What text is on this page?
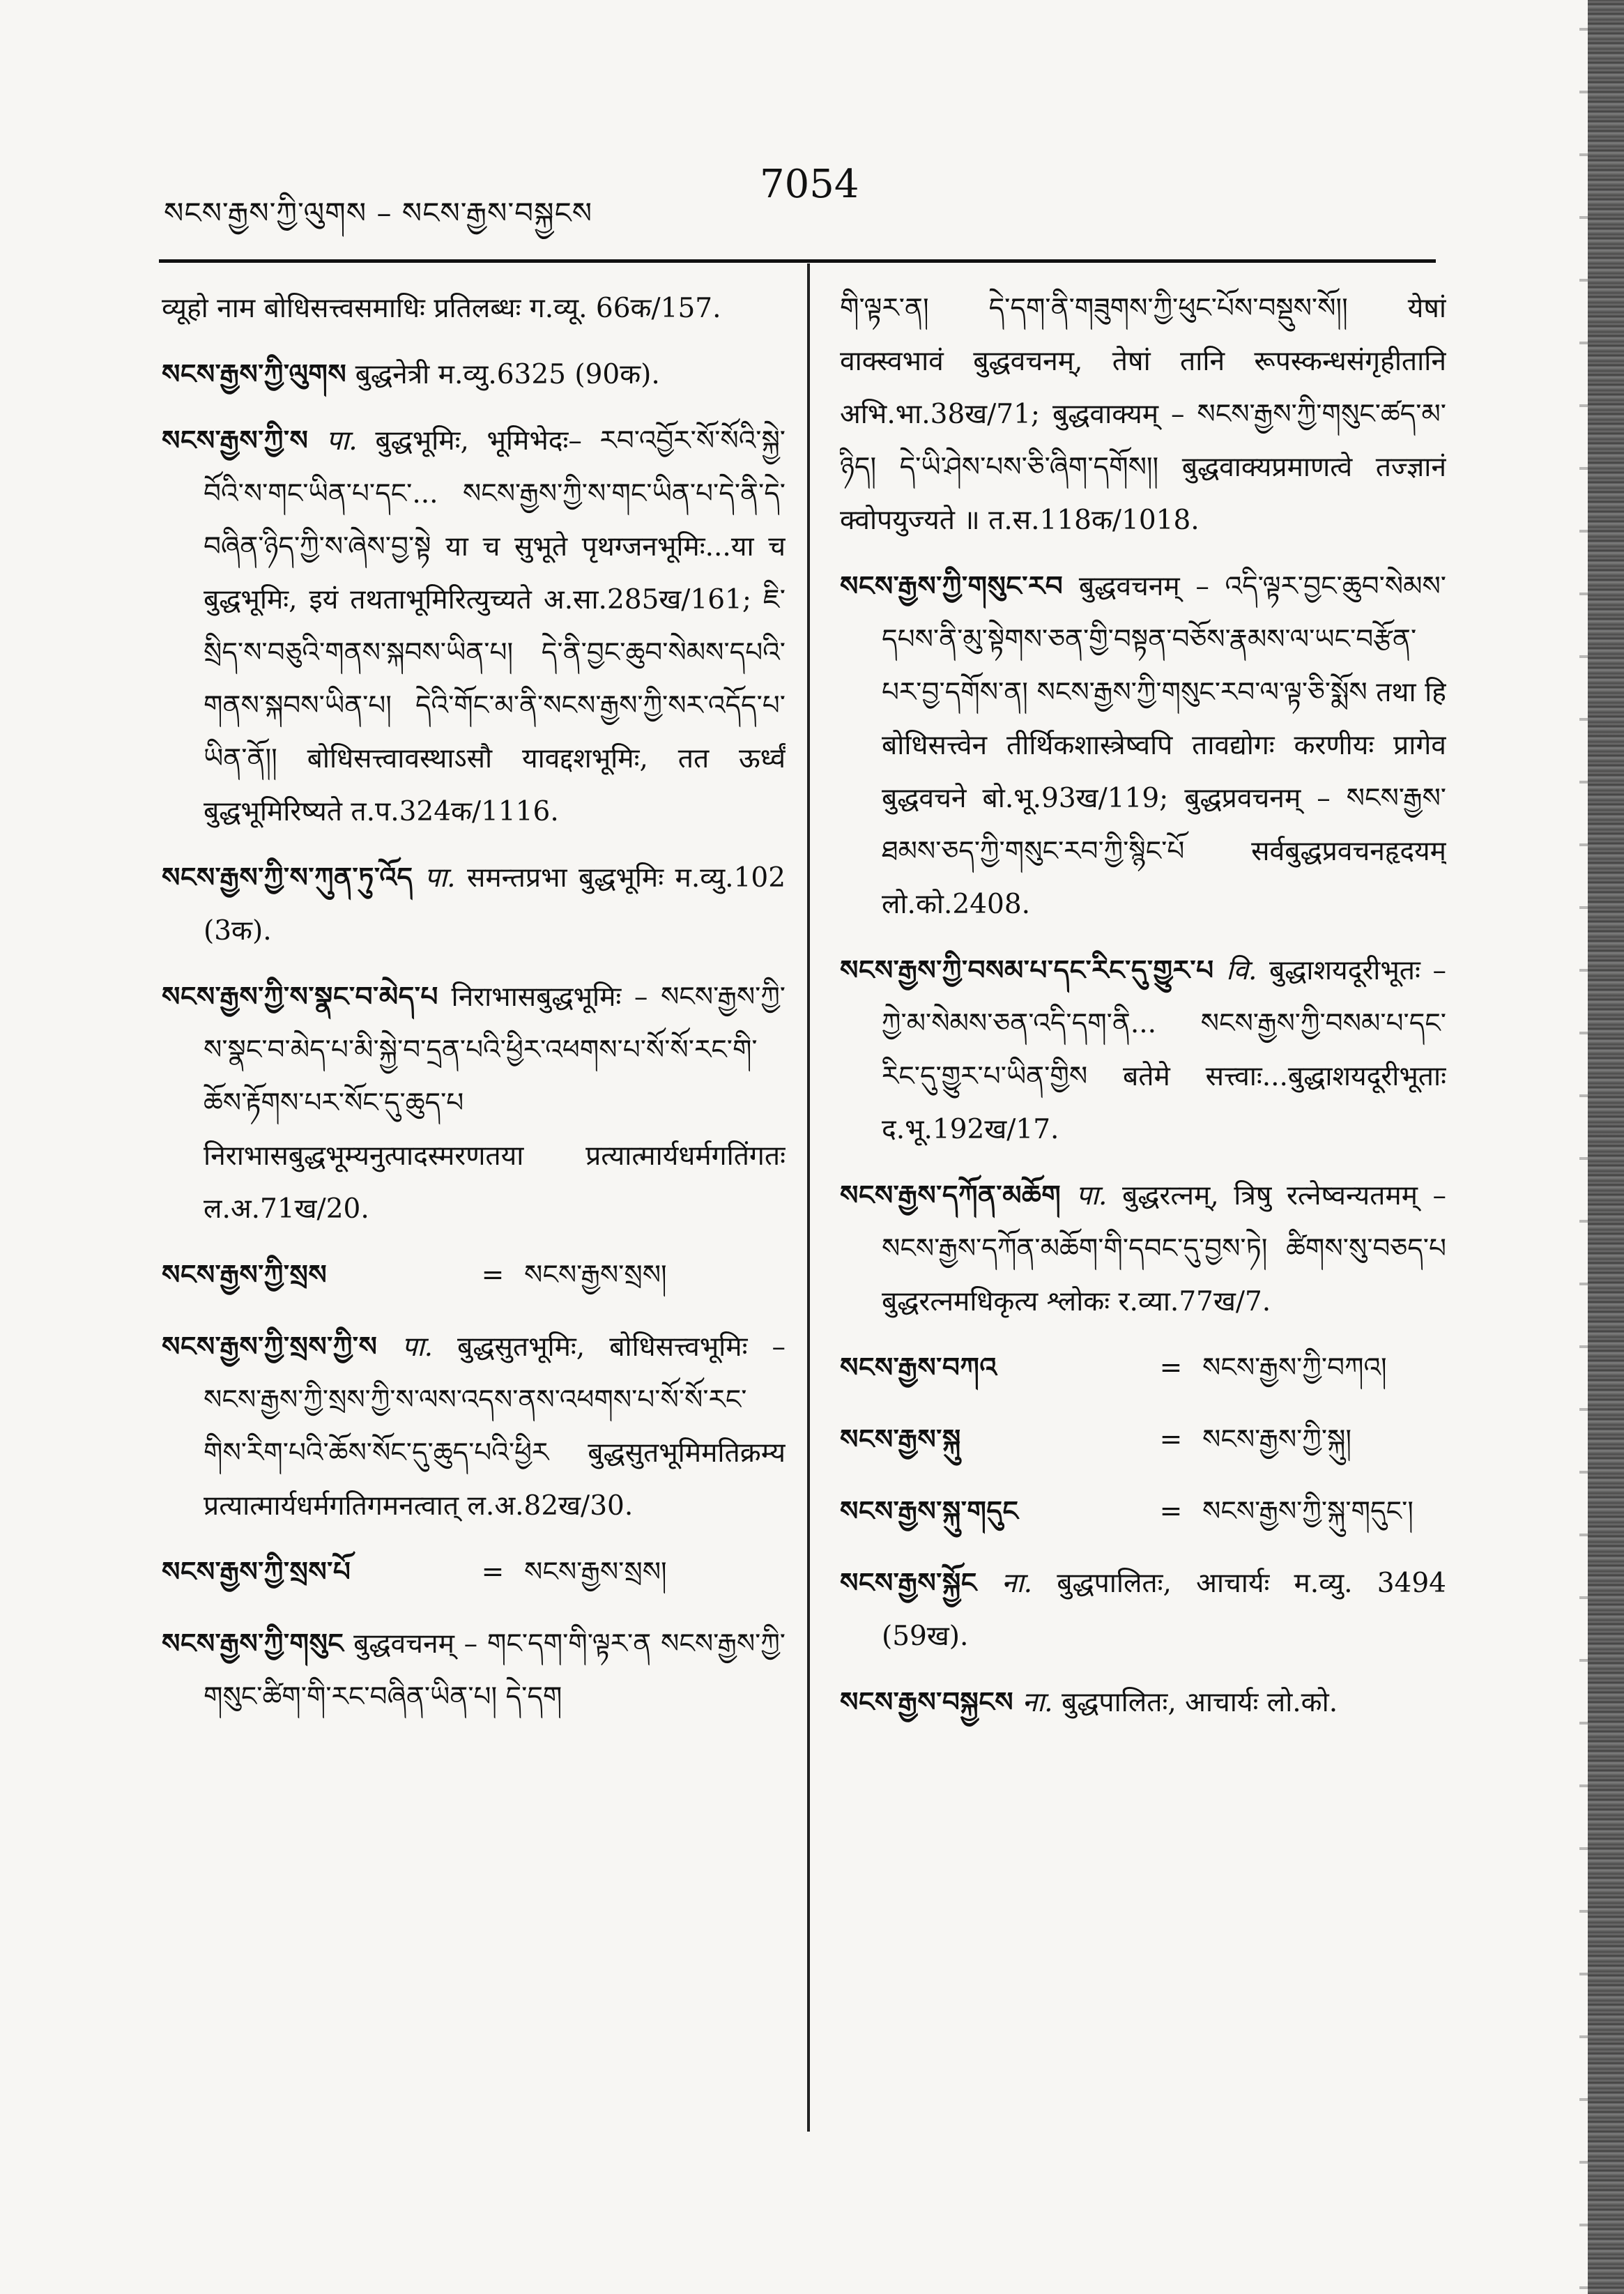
སངས་རྒྱས་ཀྱི་ལུགས – སངས་རྒྱས་བསྐྱངས
7054
व्यूहो नाम बोधिसत्त्वसमाधिः प्रतिलब्धः ग.व्यू. 66क/157.
སངས་རྒྱས་ཀྱི་ལུགས बुद्धनेत्री म.व्यु.6325 (90क).
སངས་རྒྱས་ཀྱི་ས पा. बुद्धभूमिः, भूमिभेदः– རབ་འབྱོར་སོ་སོའི་སྐྱེ་བོའི་ས་གང་ཡིན་པ་དང་... སངས་རྒྱས་ཀྱི་ས་གང་ཡིན་པ་དེ་ནི་དེ་བཞིན་ཉིད་ཀྱི་ས་ཞེས་བྱ་སྟེ या च सुभूते पृथग्जनभूमिः...या च बुद्धभूमिः, इयं तथताभूमिरित्युच्यते अ.सा.285ख/161; ཇི་སྲིད་ས་བཅུའི་གནས་སྐབས་ཡིན་པ། དེ་ནི་བྱང་ཆུབ་སེམས་དཔའི་གནས་སྐབས་ཡིན་པ། དེའི་གོང་མ་ནི་སངས་རྒྱས་ཀྱི་སར་འདོད་པ་ཡིན་ནོ།། बोधिसत्त्वावस्थाऽसौ यावद्दशभूमिः, तत ऊर्ध्वं बुद्धभूमिरिष्यते त.प.324क/1116.
སངས་རྒྱས་ཀྱི་ས་ཀུན་ཏུ་འོད पा. समन्तप्रभा बुद्धभूमिः म.व्यु.102 (3क).
སངས་རྒྱས་ཀྱི་ས་སྣང་བ་མེད་པ निराभासबुद्धभूमिः – སངས་རྒྱས་ཀྱི་ས་སྣང་བ་མེད་པ་མི་སྐྱེ་བ་དྲན་པའི་ཕྱིར་འཕགས་པ་སོ་སོ་རང་གི་ཆོས་རྟོགས་པར་སོང་དུ་ཆུད་པ निराभासबुद्धभूम्यनुत्पादस्मरणतया प्रत्यात्मार्यधर्मगतिंगतः ल.अ.71ख/20.
སངས་རྒྱས་ཀྱི་སྲས	= སངས་རྒྱས་སྲས།
སངས་རྒྱས་ཀྱི་སྲས་ཀྱི་ས पा. बुद्धसुतभूमिः, बोधिसत्त्वभूमिः – སངས་རྒྱས་ཀྱི་སྲས་ཀྱི་ས་ལས་འདས་ནས་འཕགས་པ་སོ་སོ་རང་གིས་རིག་པའི་ཆོས་སོང་དུ་ཆུད་པའི་ཕྱིར बुद्धसुतभूमिमतिक्रम्य प्रत्यात्मार्यधर्मगतिगमनत्वात् ल.अ.82ख/30.
སངས་རྒྱས་ཀྱི་སྲས་པོ	= སངས་རྒྱས་སྲས།
སངས་རྒྱས་ཀྱི་གསུང बुद्धवचनम् – གང་དག་གི་ལྟར་ན སངས་རྒྱས་ཀྱི་གསུང་ཚིག་གི་རང་བཞིན་ཡིན་པ། དེ་དག
གི་ལྟར་ན། དེ་དག་ནི་གཟུགས་ཀྱི་ཕུང་པོས་བསྡུས་སོ།། येषां वाक्स्वभावं बुद्धवचनम्, तेषां तानि रूपस्कन्धसंगृहीतानि अभि.भा.38ख/71; बुद्धवाक्यम् – སངས་རྒྱས་ཀྱི་གསུང་ཚད་མ་ཉིད། དེ་ཡི་ཤེས་པས་ཅི་ཞིག་དགོས།། बुद्धवाक्यप्रमाणत्वे तज्ज्ञानं क्वोपयुज्यते ॥ त.स.118क/1018.
སངས་རྒྱས་ཀྱི་གསུང་རབ बुद्धवचनम् – འདི་ལྟར་བྱང་ཆུབ་སེམས་དཔས་ནི་མུ་སྟེགས་ཅན་གྱི་བསྟན་བཅོས་རྣམས་ལ་ཡང་བརྩོན་པར་བྱ་དགོས་ན། སངས་རྒྱས་ཀྱི་གསུང་རབ་ལ་ལྟ་ཅི་སྨོས तथा हि बोधिसत्त्वेन तीर्थिकशास्त्रेष्वपि तावद्योगः करणीयः प्रागेव बुद्धवचने बो.भू.93ख/119; बुद्धप्रवचनम् – སངས་རྒྱས་ཐམས་ཅད་ཀྱི་གསུང་རབ་ཀྱི་སྙིང་པོ सर्वबुद्धप्रवचनहृदयम् लो.को.2408.
སངས་རྒྱས་ཀྱི་བསམ་པ་དང་རིང་དུ་གྱུར་པ वि. बुद्धाशयदूरीभूतः – ཀྱེ་མ་སེམས་ཅན་འདི་དག་ནི... སངས་རྒྱས་ཀྱི་བསམ་པ་དང་རིང་དུ་གྱུར་པ་ཡིན་གྱིས बतेमे सत्त्वाः...बुद्धाशयदूरीभूताः द.भू.192ख/17.
སངས་རྒྱས་དཀོན་མཆོག पा. बुद्धरत्नम्, त्रिषु रत्नेष्वन्यतमम् – སངས་རྒྱས་དཀོན་མཆོག་གི་དབང་དུ་བྱས་ཏེ། ཚིགས་སུ་བཅད་པ बुद्धरत्नमधिकृत्य श्लोकः र.व्या.77ख/7.
སངས་རྒྱས་བཀའ	= སངས་རྒྱས་ཀྱི་བཀའ།
སངས་རྒྱས་སྐུ	= སངས་རྒྱས་ཀྱི་སྐུ།
སངས་རྒྱས་སྐུ་གདུང	= སངས་རྒྱས་ཀྱི་སྐུ་གདུང་།
སངས་རྒྱས་སྐྱོང ना. बुद्धपालितः, आचार्यः म.व्यु. 3494 (59ख).
སངས་རྒྱས་བསྐྱངས ना. बुद्धपालितः, आचार्यः लो.को.
